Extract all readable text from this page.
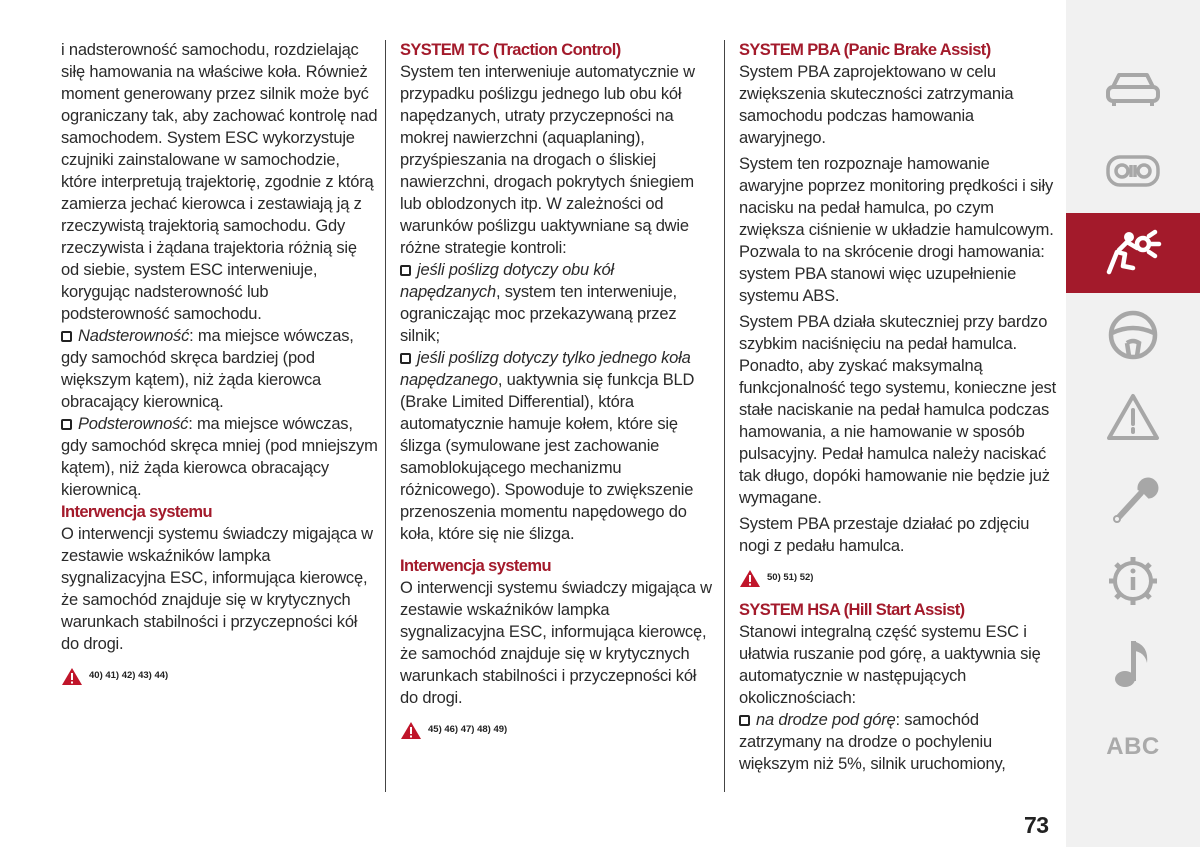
i nadsterowność samochodu, rozdzielając siłę hamowania na właściwe koła. Również moment generowany przez silnik może być ograniczany tak, aby zachować kontrolę nad samochodem. System ESC wykorzystuje czujniki zainstalowane w samochodzie, które interpretują trajektorię, zgodnie z którą zamierza jechać kierowca i zestawiają ją z rzeczywistą trajektorią samochodu. Gdy rzeczywista i żądana trajektoria różnią się od siebie, system ESC interweniuje, korygując nadsterowność lub podsterowność samochodu.
Nadsterowność: ma miejsce wówczas, gdy samochód skręca bardziej (pod większym kątem), niż żąda kierowca obracający kierownicą.
Podsterowność: ma miejsce wówczas, gdy samochód skręca mniej (pod mniejszym kątem), niż żąda kierowca obracający kierownicą.
Interwencja systemu
O interwencji systemu świadczy migająca w zestawie wskaźników lampka sygnalizacyjna ESC, informująca kierowcę, że samochód znajduje się w krytycznych warunkach stabilności i przyczepności kół do drogi.
40) 41) 42) 43) 44)
SYSTEM TC (Traction Control)
System ten interweniuje automatycznie w przypadku poślizgu jednego lub obu kół napędzanych, utraty przyczepności na mokrej nawierzchni (aquaplaning), przyśpieszania na drogach o śliskiej nawierzchni, drogach pokrytych śniegiem lub oblodzonych itp. W zależności od warunków poślizgu uaktywniane są dwie różne strategie kontroli:
jeśli poślizg dotyczy obu kół napędzanych, system ten interweniuje, ograniczając moc przekazywaną przez silnik;
jeśli poślizg dotyczy tylko jednego koła napędzanego, uaktywnia się funkcja BLD (Brake Limited Differential), która automatycznie hamuje kołem, które się ślizga (symulowane jest zachowanie samoblokującego mechanizmu różnicowego). Spowoduje to zwiększenie przenoszenia momentu napędowego do koła, które się nie ślizga.
Interwencja systemu
O interwencji systemu świadczy migająca w zestawie wskaźników lampka sygnalizacyjna ESC, informująca kierowcę, że samochód znajduje się w krytycznych warunkach stabilności i przyczepności kół do drogi.
45) 46) 47) 48) 49)
SYSTEM PBA (Panic Brake Assist)
System PBA zaprojektowano w celu zwiększenia skuteczności zatrzymania samochodu podczas hamowania awaryjnego.
System ten rozpoznaje hamowanie awaryjne poprzez monitoring prędkości i siły nacisku na pedał hamulca, po czym zwiększa ciśnienie w układzie hamulcowym. Pozwala to na skrócenie drogi hamowania: system PBA stanowi więc uzupełnienie systemu ABS.
System PBA działa skuteczniej przy bardzo szybkim naciśnięciu na pedał hamulca. Ponadto, aby zyskać maksymalną funkcjonalność tego systemu, konieczne jest stałe naciskanie na pedał hamulca podczas hamowania, a nie hamowanie w sposób pulsacyjny. Pedał hamulca należy naciskać tak długo, dopóki hamowanie nie będzie już wymagane.
System PBA przestaje działać po zdjęciu nogi z pedału hamulca.
50) 51) 52)
SYSTEM HSA (Hill Start Assist)
Stanowi integralną część systemu ESC i ułatwia ruszanie pod górę, a uaktywnia się automatycznie w następujących okolicznościach:
na drodze pod górę: samochód zatrzymany na drodze o pochyleniu większym niż 5%, silnik uruchomiony,
73
ABC
